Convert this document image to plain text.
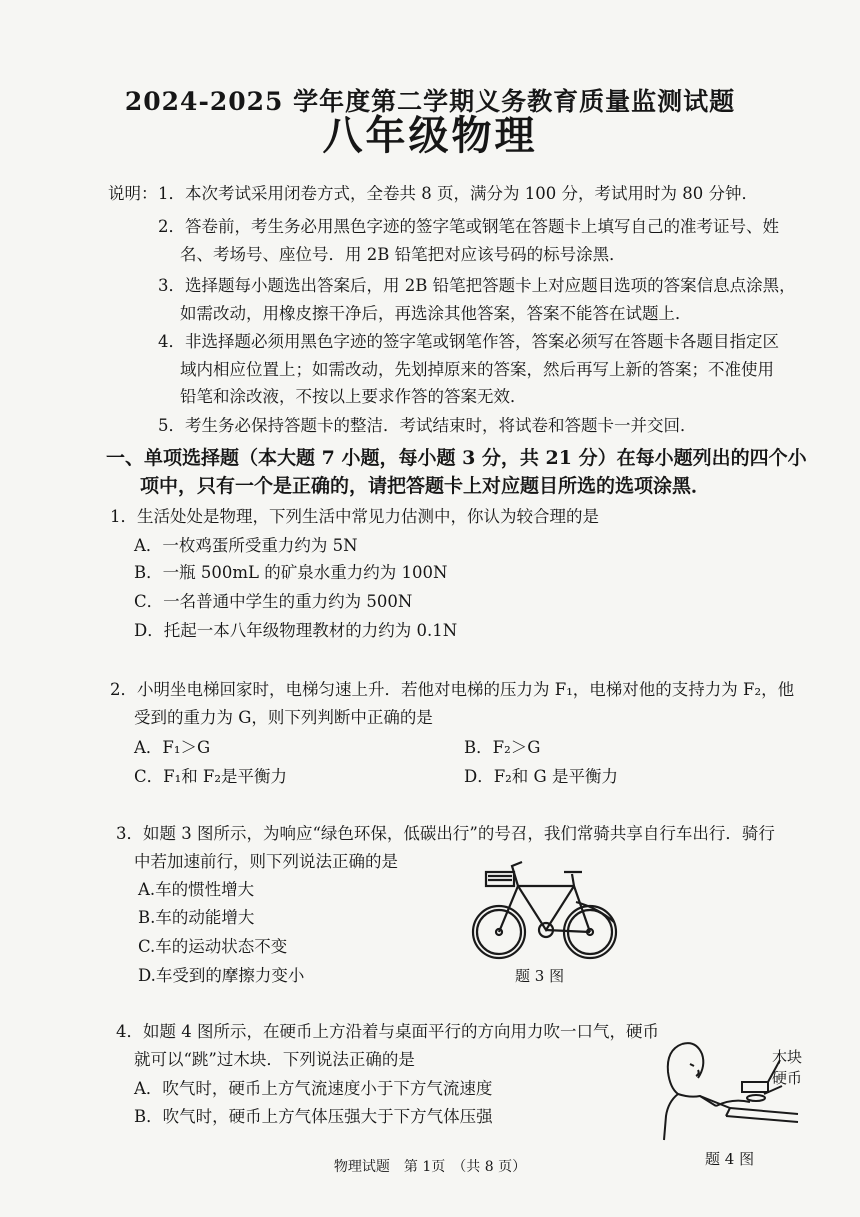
2024-2025 学年度第二学期义务教育质量监测试题
八年级物理
说明： 1．本次考试采用闭卷方式，全卷共 8 页，满分为 100 分，考试用时为 80 分钟．
2．答卷前，考生务必用黑色字迹的签字笔或钢笔在答题卡上填写自己的准考证号、姓
名、考场号、座位号．用 2B 铅笔把对应该号码的标号涂黑．
3．选择题每小题选出答案后，用 2B 铅笔把答题卡上对应题目选项的答案信息点涂黑，
如需改动，用橡皮擦干净后，再选涂其他答案，答案不能答在试题上．
4．非选择题必须用黑色字迹的签字笔或钢笔作答，答案必须写在答题卡各题目指定区
域内相应位置上；如需改动，先划掉原来的答案，然后再写上新的答案；不准使用
铅笔和涂改液，不按以上要求作答的答案无效．
5．考生务必保持答题卡的整洁．考试结束时，将试卷和答题卡一并交回．
一、单项选择题（本大题 7 小题，每小题 3 分，共 21 分）在每小题列出的四个小
项中，只有一个是正确的，请把答题卡上对应题目所选的选项涂黑．
1．生活处处是物理，下列生活中常见力估测中，你认为较合理的是
A．一枚鸡蛋所受重力约为 5N
B．一瓶 500mL 的矿泉水重力约为 100N
C．一名普通中学生的重力约为 500N
D．托起一本八年级物理教材的力约为 0.1N
2．小明坐电梯回家时，电梯匀速上升．若他对电梯的压力为 F₁，电梯对他的支持力为 F₂，他
受到的重力为 G，则下列判断中正确的是
A．F₁＞G	B．F₂＞G
C．F₁和 F₂是平衡力	D．F₂和 G 是平衡力
3．如题 3 图所示，为响应“绿色环保，低碳出行”的号召，我们常骑共享自行车出行．骑行
中若加速前行，则下列说法正确的是
A.车的惯性增大
B.车的动能增大
C.车的运动状态不变
D.车受到的摩擦力变小	题 3 图
4．如题 4 图所示，在硬币上方沿着与桌面平行的方向用力吹一口气，硬币
就可以“跳”过木块．下列说法正确的是
A．吹气时，硬币上方气流速度小于下方气流速度
B．吹气时，硬币上方气体压强大于下方气体压强
木块
硬币
题 4 图
物理试题　第 1页　（共 8 页）
